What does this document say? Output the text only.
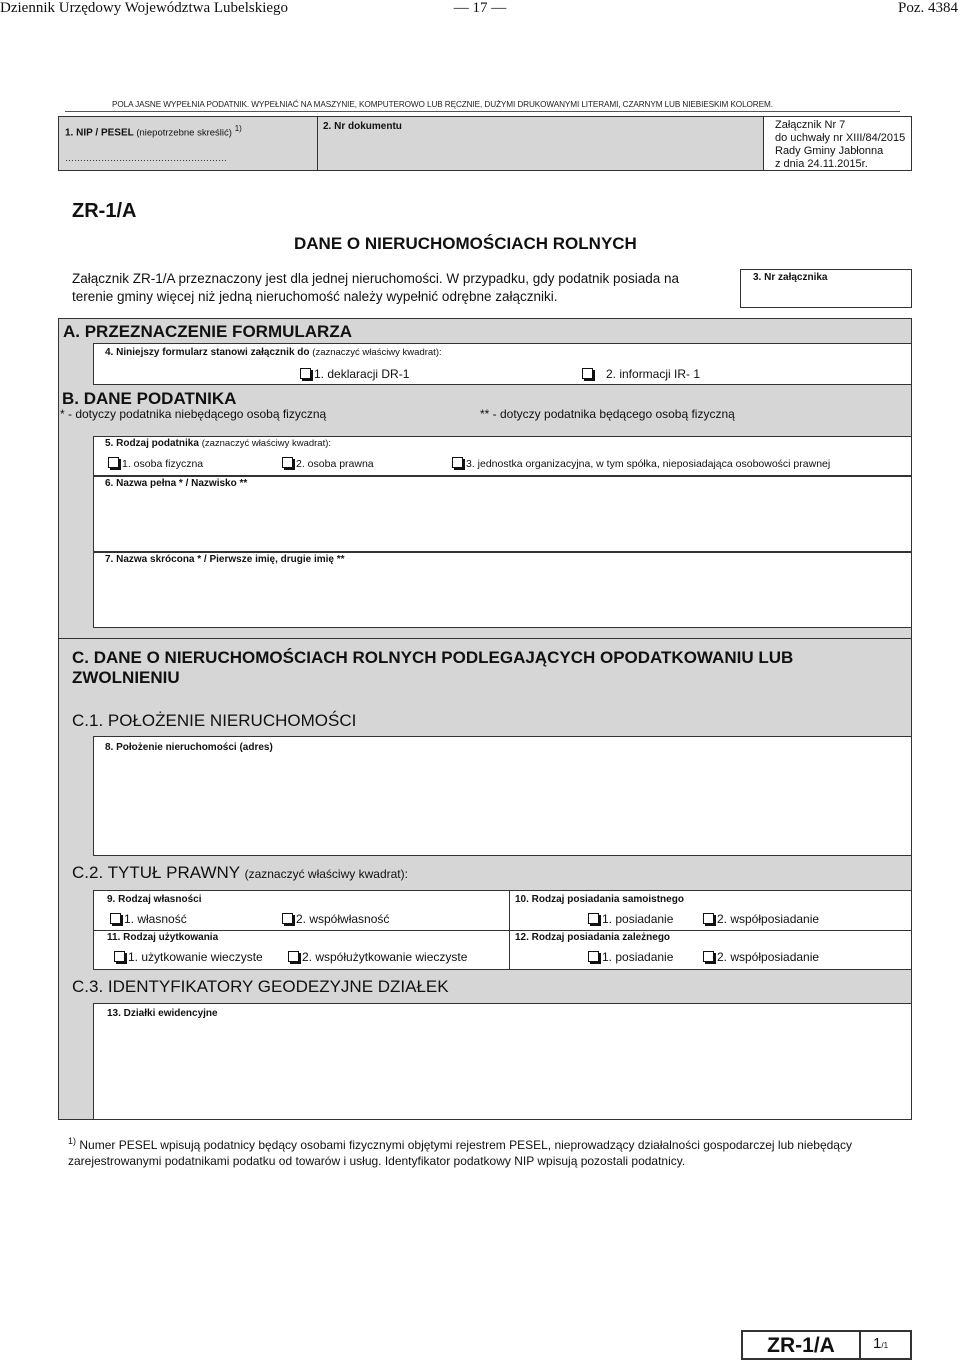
Dziennik Urzędowy Województwa Lubelskiego	— 17 —	Poz. 4384
POLA JASNE WYPEŁNIA PODATNIK. WYPEŁNIAĆ NA MASZYNIE, KOMPUTEROWO LUB RĘCZNIE, DUŻYMI DRUKOWANYMI LITERAMI, CZARNYM LUB NIEBIESKIM KOLOREM.
1. NIP / PESEL (niepotrzebne skreślić) $^{1)}$
………………………………………………
2. Nr dokumentu	Załącznik Nr 7
do uchwały nr XIII/84/2015
Rady Gminy Jabłonna
z dnia 24.11.2015r.
ZR-1/A
DANE O NIERUCHOMOŚCIACH ROLNYCH
Załącznik ZR-1/A przeznaczony jest dla jednej nieruchomości. W przypadku, gdy podatnik posiada na
terenie gminy więcej niż jedną nieruchomość należy wypełnić odrębne załączniki.
3. Nr załącznika
A. PRZEZNACZENIE FORMULARZA
4. Niniejszy formularz stanowi załącznik do (zaznaczyć właściwy kwadrat):
1. deklaracji DR-1	2. informacji IR- 1
B. DANE PODATNIKA
* - dotyczy podatnika niebędącego osobą fizyczną	** - dotyczy podatnika będącego osobą fizyczną
5. Rodzaj podatnika (zaznaczyć właściwy kwadrat):
1. osoba fizyczna	2. osoba prawna	3. jednostka organizacyjna, w tym spółka, nieposiadająca osobowości prawnej
6. Nazwa pełna * / Nazwisko **
7. Nazwa skrócona * / Pierwsze imię, drugie imię **
C. DANE O NIERUCHOMOŚCIACH ROLNYCH PODLEGAJĄCYCH OPODATKOWANIU LUB
ZWOLNIENIU
C.1. POŁOŻENIE NIERUCHOMOŚCI
8. Położenie nieruchomości (adres)
C.2. TYTUŁ PRAWNY (zaznaczyć właściwy kwadrat):
9. Rodzaj własności
1. własność	2. współwłasność
10. Rodzaj posiadania samoistnego
1. posiadanie	2. współposiadanie
11. Rodzaj użytkowania
1. użytkowanie wieczyste	2. współużytkowanie wieczyste
12. Rodzaj posiadania zależnego
1. posiadanie	2. współposiadanie
C.3. IDENTYFIKATORY GEODEZYJNE DZIAŁEK
13. Działki ewidencyjne
$^{1)}$ Numer PESEL wpisują podatnicy będący osobami fizycznymi objętymi rejestrem PESEL, nieprowadzący działalności gospodarczej lub niebędący zarejestrowanymi podatnikami podatku od towarów i usług. Identyfikator podatkowy NIP wpisują pozostali podatnicy.
ZR-1/A	1/1
